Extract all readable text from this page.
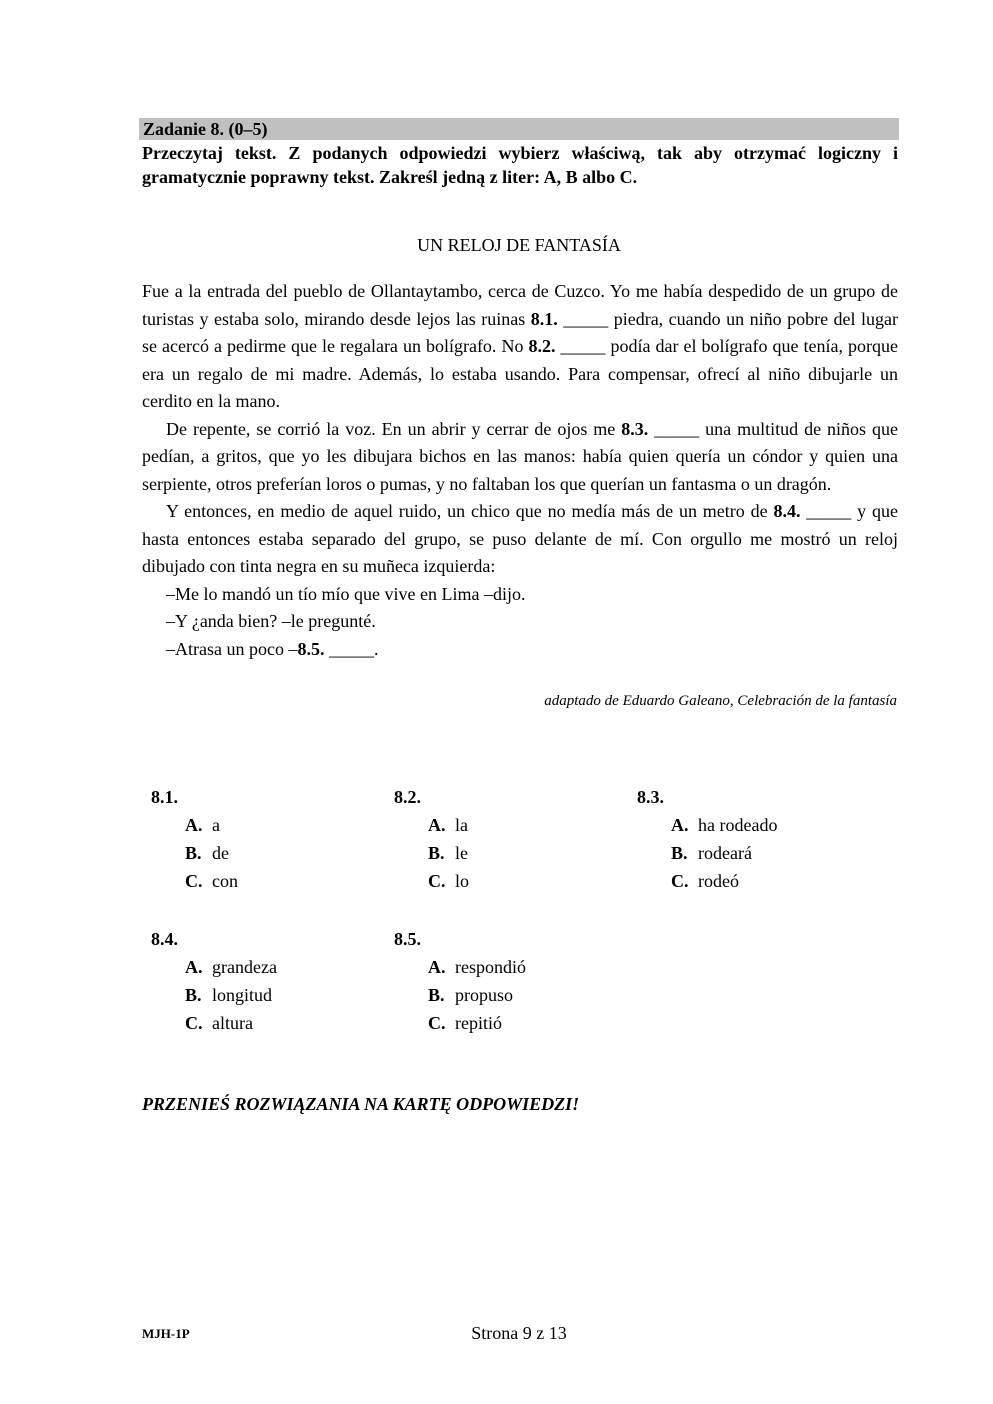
Zadanie 8. (0–5)
Przeczytaj tekst. Z podanych odpowiedzi wybierz właściwą, tak aby otrzymać logiczny i gramatycznie poprawny tekst. Zakreśl jedną z liter: A, B albo C.
UN RELOJ DE FANTASÍA

Fue a la entrada del pueblo de Ollantaytambo, cerca de Cuzco. Yo me había despedido de un grupo de turistas y estaba solo, mirando desde lejos las ruinas 8.1. _____ piedra, cuando un niño pobre del lugar se acercó a pedirme que le regalara un bolígrafo. No 8.2. _____ podía dar el bolígrafo que tenía, porque era un regalo de mi madre. Además, lo estaba usando. Para compensar, ofrecí al niño dibujarle un cerdito en la mano.

De repente, se corrió la voz. En un abrir y cerrar de ojos me 8.3. _____ una multitud de niños que pedían, a gritos, que yo les dibujara bichos en las manos: había quien quería un cóndor y quien una serpiente, otros preferían loros o pumas, y no faltaban los que querían un fantasma o un dragón.

Y entonces, en medio de aquel ruido, un chico que no medía más de un metro de 8.4. _____ y que hasta entonces estaba separado del grupo, se puso delante de mí. Con orgullo me mostró un reloj dibujado con tinta negra en su muñeca izquierda:

–Me lo mandó un tío mío que vive en Lima –dijo.

–Y ¿anda bien? –le pregunté.

–Atrasa un poco –8.5. _____.

adaptado de Eduardo Galeano, Celebración de la fantasía
8.1.
A. a
B. de
C. con
8.2.
A. la
B. le
C. lo
8.3.
A. ha rodeado
B. rodeará
C. rodeó
8.4.
A. grandeza
B. longitud
C. altura
8.5.
A. respondió
B. propuso
C. repitió
PRZENIEŚ ROZWIĄZANIA NA KARTĘ ODPOWIEDZI!
MJH-1P	Strona 9 z 13
